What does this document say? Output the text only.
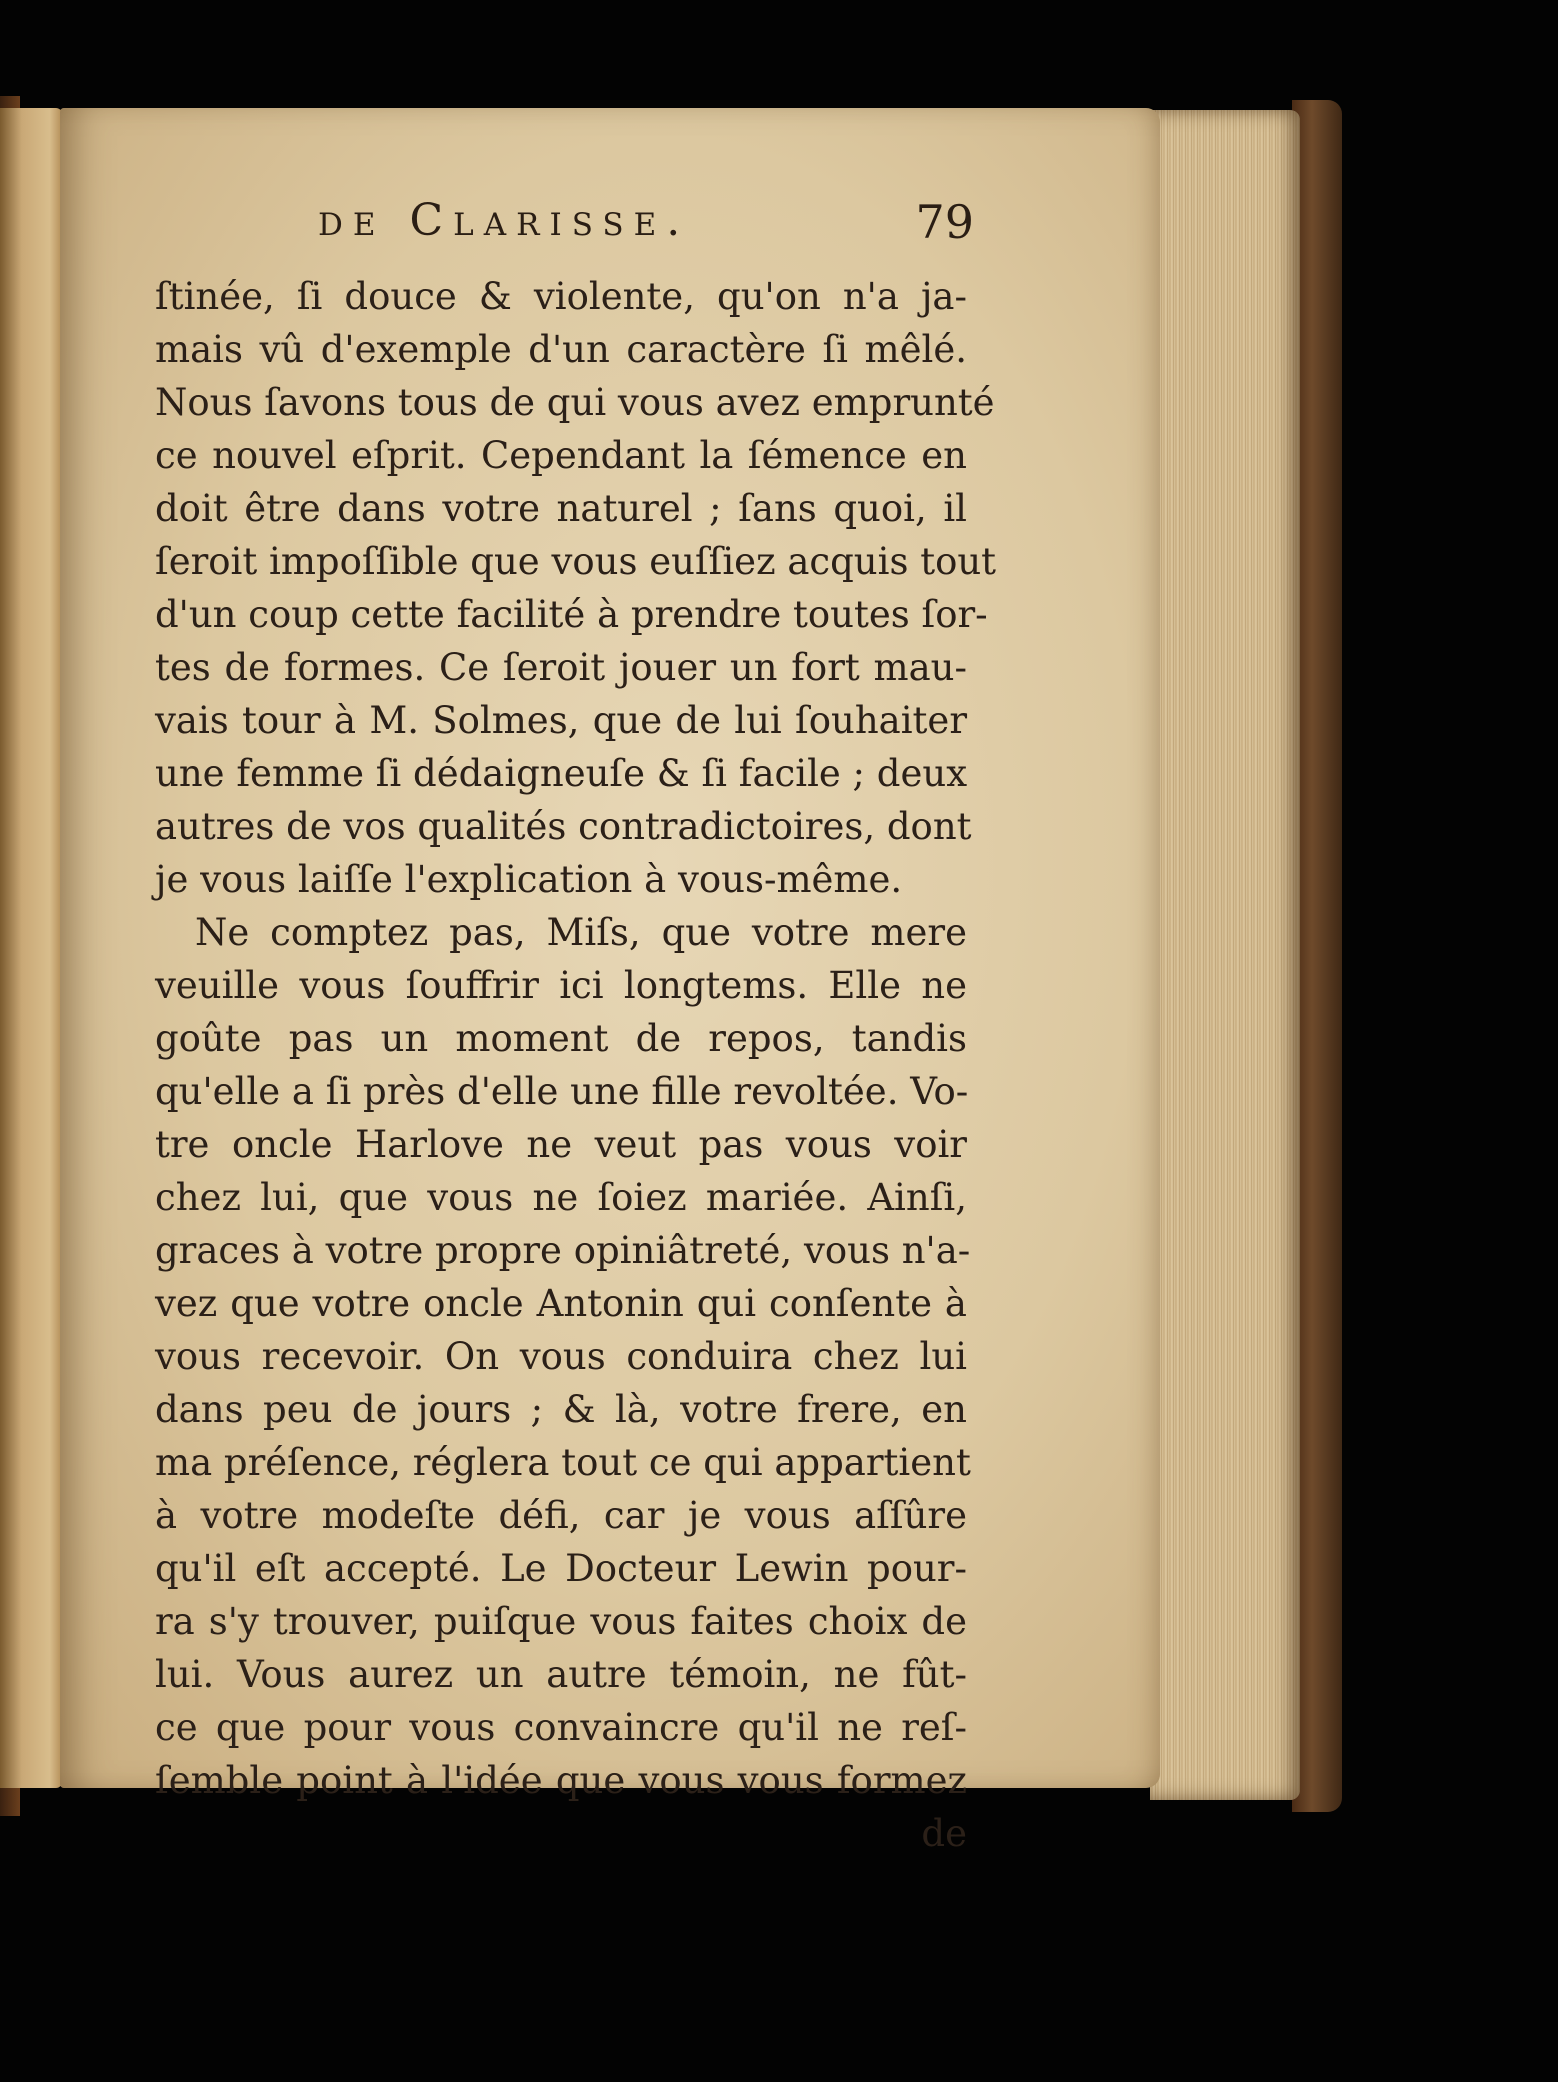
de Clarisse.	79
ſtinée, ſi douce & violente, qu'on n'a ja-
mais vû d'exemple d'un caractère ſi mêlé.
Nous ſavons tous de qui vous avez emprunté
ce nouvel eſprit. Cependant la ſémence en
doit être dans votre naturel ; ſans quoi, il
ſeroit impoſſible que vous euſſiez acquis tout
d'un coup cette facilité à prendre toutes ſor-
tes de formes. Ce ſeroit jouer un fort mau-
vais tour à M. Solmes, que de lui ſouhaiter
une femme ſi dédaigneuſe & ſi facile ; deux
autres de vos qualités contradictoires, dont
je vous laiſſe l'explication à vous-même.
Ne comptez pas, Miſs, que votre mere
veuille vous ſouffrir ici longtems. Elle ne
goûte pas un moment de repos, tandis
qu'elle a ſi près d'elle une fille revoltée. Vo-
tre oncle Harlove ne veut pas vous voir
chez lui, que vous ne ſoiez mariée. Ainſi,
graces à votre propre opiniâtreté, vous n'a-
vez que votre oncle Antonin qui conſente à
vous recevoir. On vous conduira chez lui
dans peu de jours ; & là, votre frere, en
ma préſence, réglera tout ce qui appartient
à votre modeſte défi, car je vous aſſûre
qu'il eſt accepté. Le Docteur Lewin pour-
ra s'y trouver, puiſque vous faites choix de
lui. Vous aurez un autre témoin, ne fût-
ce que pour vous convaincre qu'il ne reſ-
ſemble point à l'idée que vous vous formez
de
